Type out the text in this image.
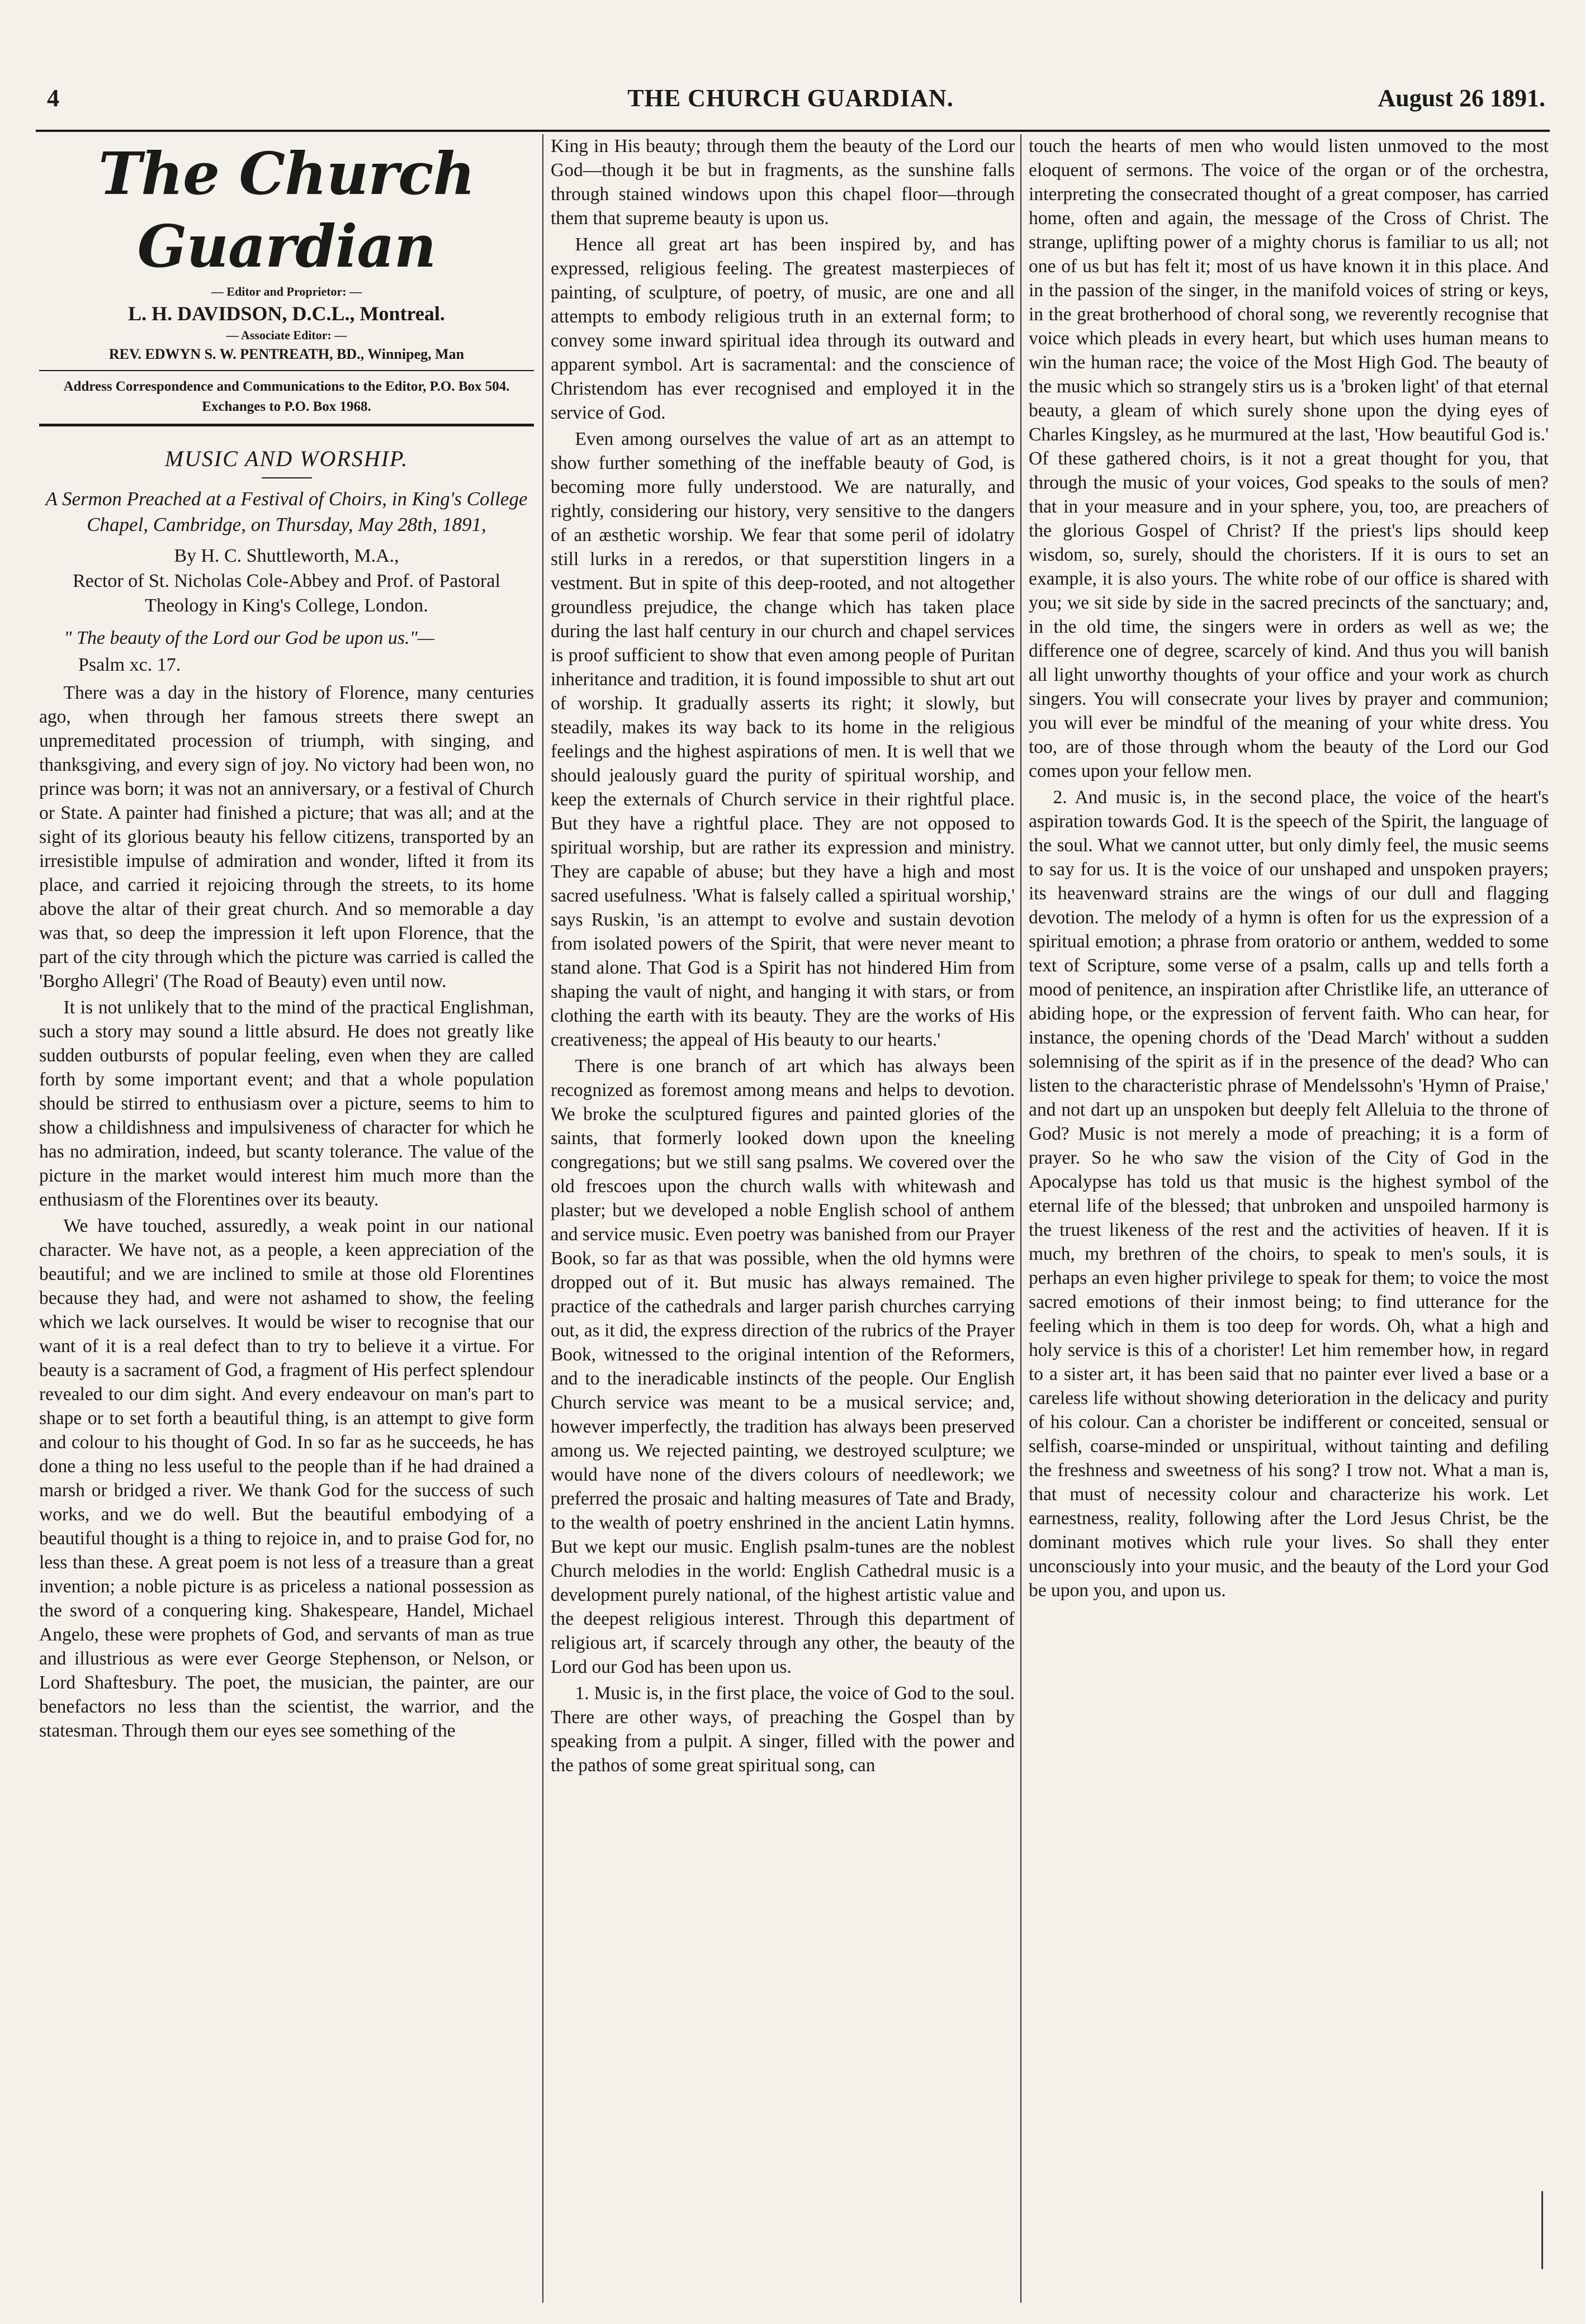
4	THE CHURCH GUARDIAN.	August 26 1891.
The Church Guardian
— Editor and Proprietor: —
L. H. DAVIDSON, D.C.L., Montreal.
— Associate Editor: —
REV. EDWYN S. W. PENTREATH, BD., Winnipeg, Man
Address Correspondence and Communications to the Editor, P.O. Box 504. Exchanges to P.O. Box 1968.
MUSIC AND WORSHIP.
A Sermon Preached at a Festival of Choirs, in King's College Chapel, Cambridge, on Thursday, May 28th, 1891,
By H. C. Shuttleworth, M.A.,
Rector of St. Nicholas Cole-Abbey and Prof. of Pastoral Theology in King's College, London.
" The beauty of the Lord our God be upon us."—
Psalm xc. 17.

There was a day in the history of Florence, many centuries ago, when through her famous streets there swept an unpremeditated procession of triumph, with singing, and thanksgiving, and every sign of joy. No victory had been won, no prince was born; it was not an anniversary, or a festival of Church or State. A painter had finished a picture; that was all; and at the sight of its glorious beauty his fellow citizens, transported by an irresistible impulse of admiration and wonder, lifted it from its place, and carried it rejoicing through the streets, to its home above the altar of their great church. And so memorable a day was that, so deep the impression it left upon Florence, that the part of the city through which the picture was carried is called the 'Borgho Allegri' (The Road of Beauty) even until now.

It is not unlikely that to the mind of the practical Englishman, such a story may sound a little absurd. He does not greatly like sudden outbursts of popular feeling, even when they are called forth by some important event; and that a whole population should be stirred to enthusiasm over a picture, seems to him to show a childishness and impulsiveness of character for which he has no admiration, indeed, but scanty tolerance. The value of the picture in the market would interest him much more than the enthusiasm of the Florentines over its beauty.

We have touched, assuredly, a weak point in our national character. We have not, as a people, a keen appreciation of the beautiful; and we are inclined to smile at those old Florentines because they had, and were not ashamed to show, the feeling which we lack ourselves. It would be wiser to recognise that our want of it is a real defect than to try to believe it a virtue. For beauty is a sacrament of God, a fragment of His perfect splendour revealed to our dim sight. And every endeavour on man's part to shape or to set forth a beautiful thing, is an attempt to give form and colour to his thought of God. In so far as he succeeds, he has done a thing no less useful to the people than if he had drained a marsh or bridged a river. We thank God for the success of such works, and we do well. But the beautiful embodying of a beautiful thought is a thing to rejoice in, and to praise God for, no less than these. A great poem is not less of a treasure than a great invention; a noble picture is as priceless a national possession as the sword of a conquering king. Shakespeare, Handel, Michael Angelo, these were prophets of God, and servants of man as true and illustrious as were ever George Stephenson, or Nelson, or Lord Shaftesbury. The poet, the musician, the painter, are our benefactors no less than the scientist, the warrior, and the statesman. Through them our eyes see something of the

King in His beauty; through them the beauty of the Lord our God—though it be but in fragments, as the sunshine falls through stained windows upon this chapel floor—through them that supreme beauty is upon us.

Hence all great art has been inspired by, and has expressed, religious feeling. The greatest masterpieces of painting, of sculpture, of poetry, of music, are one and all attempts to embody religious truth in an external form; to convey some inward spiritual idea through its outward and apparent symbol. Art is sacramental: and the conscience of Christendom has ever recognised and employed it in the service of God.

Even among ourselves the value of art as an attempt to show further something of the ineffable beauty of God, is becoming more fully understood. We are naturally, and rightly, considering our history, very sensitive to the dangers of an æsthetic worship. We fear that some peril of idolatry still lurks in a reredos, or that superstition lingers in a vestment. But in spite of this deep-rooted, and not altogether groundless prejudice, the change which has taken place during the last half century in our church and chapel services is proof sufficient to show that even among people of Puritan inheritance and tradition, it is found impossible to shut art out of worship. It gradually asserts its right; it slowly, but steadily, makes its way back to its home in the religious feelings and the highest aspirations of men. It is well that we should jealously guard the purity of spiritual worship, and keep the externals of Church service in their rightful place. But they have a rightful place. They are not opposed to spiritual worship, but are rather its expression and ministry. They are capable of abuse; but they have a high and most sacred usefulness. 'What is falsely called a spiritual worship,' says Ruskin, 'is an attempt to evolve and sustain devotion from isolated powers of the Spirit, that were never meant to stand alone. That God is a Spirit has not hindered Him from shaping the vault of night, and hanging it with stars, or from clothing the earth with its beauty. They are the works of His creativeness; the appeal of His beauty to our hearts.'

There is one branch of art which has always been recognized as foremost among means and helps to devotion. We broke the sculptured figures and painted glories of the saints, that formerly looked down upon the kneeling congregations; but we still sang psalms. We covered over the old frescoes upon the church walls with whitewash and plaster; but we developed a noble English school of anthem and service music. Even poetry was banished from our Prayer Book, so far as that was possible, when the old hymns were dropped out of it. But music has always remained. The practice of the cathedrals and larger parish churches carrying out, as it did, the express direction of the rubrics of the Prayer Book, witnessed to the original intention of the Reformers, and to the ineradicable instincts of the people. Our English Church service was meant to be a musical service; and, however imperfectly, the tradition has always been preserved among us. We rejected painting, we destroyed sculpture; we would have none of the divers colours of needlework; we preferred the prosaic and halting measures of Tate and Brady, to the wealth of poetry enshrined in the ancient Latin hymns. But we kept our music. English psalm-tunes are the noblest Church melodies in the world: English Cathedral music is a development purely national, of the highest artistic value and the deepest religious interest. Through this department of religious art, if scarcely through any other, the beauty of the Lord our God has been upon us.

1. Music is, in the first place, the voice of God to the soul. There are other ways, of preaching the Gospel than by speaking from a pulpit. A singer, filled with the power and the pathos of some great spiritual song, can

touch the hearts of men who would listen unmoved to the most eloquent of sermons. The voice of the organ or of the orchestra, interpreting the consecrated thought of a great composer, has carried home, often and again, the message of the Cross of Christ. The strange, uplifting power of a mighty chorus is familiar to us all; not one of us but has felt it; most of us have known it in this place. And in the passion of the singer, in the manifold voices of string or keys, in the great brotherhood of choral song, we reverently recognise that voice which pleads in every heart, but which uses human means to win the human race; the voice of the Most High God. The beauty of the music which so strangely stirs us is a 'broken light' of that eternal beauty, a gleam of which surely shone upon the dying eyes of Charles Kingsley, as he murmured at the last, 'How beautiful God is.' Of these gathered choirs, is it not a great thought for you, that through the music of your voices, God speaks to the souls of men? that in your measure and in your sphere, you, too, are preachers of the glorious Gospel of Christ? If the priest's lips should keep wisdom, so, surely, should the choristers. If it is ours to set an example, it is also yours. The white robe of our office is shared with you; we sit side by side in the sacred precincts of the sanctuary; and, in the old time, the singers were in orders as well as we; the difference one of degree, scarcely of kind. And thus you will banish all light unworthy thoughts of your office and your work as church singers. You will consecrate your lives by prayer and communion; you will ever be mindful of the meaning of your white dress. You too, are of those through whom the beauty of the Lord our God comes upon your fellow men.

2. And music is, in the second place, the voice of the heart's aspiration towards God. It is the speech of the Spirit, the language of the soul. What we cannot utter, but only dimly feel, the music seems to say for us. It is the voice of our unshaped and unspoken prayers; its heavenward strains are the wings of our dull and flagging devotion. The melody of a hymn is often for us the expression of a spiritual emotion; a phrase from oratorio or anthem, wedded to some text of Scripture, some verse of a psalm, calls up and tells forth a mood of penitence, an inspiration after Christlike life, an utterance of abiding hope, or the expression of fervent faith. Who can hear, for instance, the opening chords of the 'Dead March' without a sudden solemnising of the spirit as if in the presence of the dead? Who can listen to the characteristic phrase of Mendelssohn's 'Hymn of Praise,' and not dart up an unspoken but deeply felt Alleluia to the throne of God? Music is not merely a mode of preaching; it is a form of prayer. So he who saw the vision of the City of God in the Apocalypse has told us that music is the highest symbol of the eternal life of the blessed; that unbroken and unspoiled harmony is the truest likeness of the rest and the activities of heaven. If it is much, my brethren of the choirs, to speak to men's souls, it is perhaps an even higher privilege to speak for them; to voice the most sacred emotions of their inmost being; to find utterance for the feeling which in them is too deep for words. Oh, what a high and holy service is this of a chorister! Let him remember how, in regard to a sister art, it has been said that no painter ever lived a base or a careless life without showing deterioration in the delicacy and purity of his colour. Can a chorister be indifferent or conceited, sensual or selfish, coarse-minded or unspiritual, without tainting and defiling the freshness and sweetness of his song? I trow not. What a man is, that must of necessity colour and characterize his work. Let earnestness, reality, following after the Lord Jesus Christ, be the dominant motives which rule your lives. So shall they enter unconsciously into your music, and the beauty of the Lord your God be upon you, and upon us.
